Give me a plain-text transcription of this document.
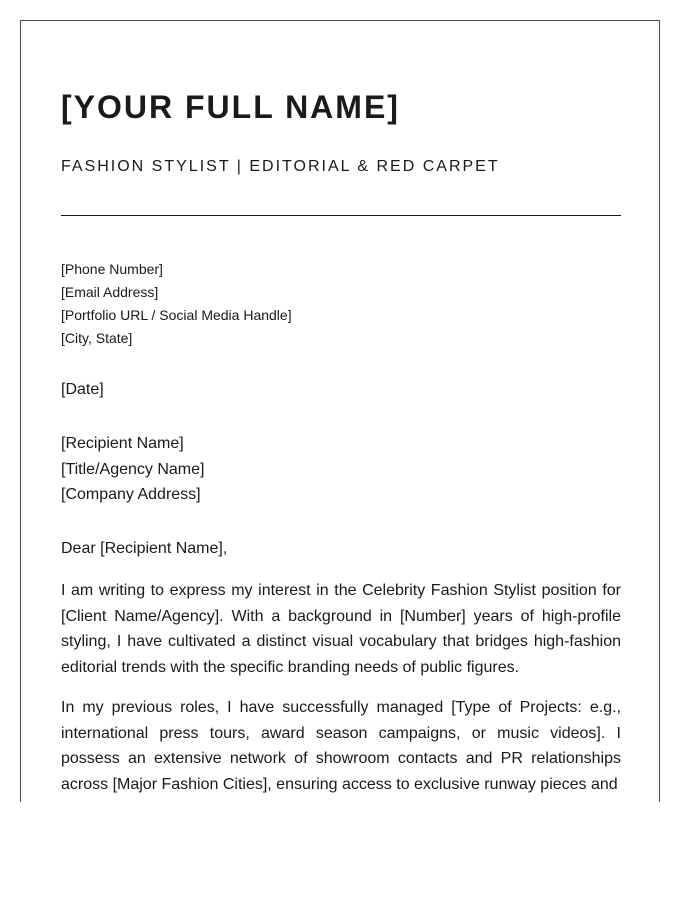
[YOUR FULL NAME]
FASHION STYLIST | EDITORIAL & RED CARPET
[Phone Number]
[Email Address]
[Portfolio URL / Social Media Handle]
[City, State]
[Date]
[Recipient Name]
[Title/Agency Name]
[Company Address]
Dear [Recipient Name],

I am writing to express my interest in the Celebrity Fashion Stylist position for [Client Name/Agency]. With a background in [Number] years of high-profile styling, I have cultivated a distinct visual vocabulary that bridges high-fashion editorial trends with the specific branding needs of public figures.

In my previous roles, I have successfully managed [Type of Projects: e.g., international press tours, award season campaigns, or music videos]. I possess an extensive network of showroom contacts and PR relationships across [Major Fashion Cities], ensuring access to exclusive runway pieces and
